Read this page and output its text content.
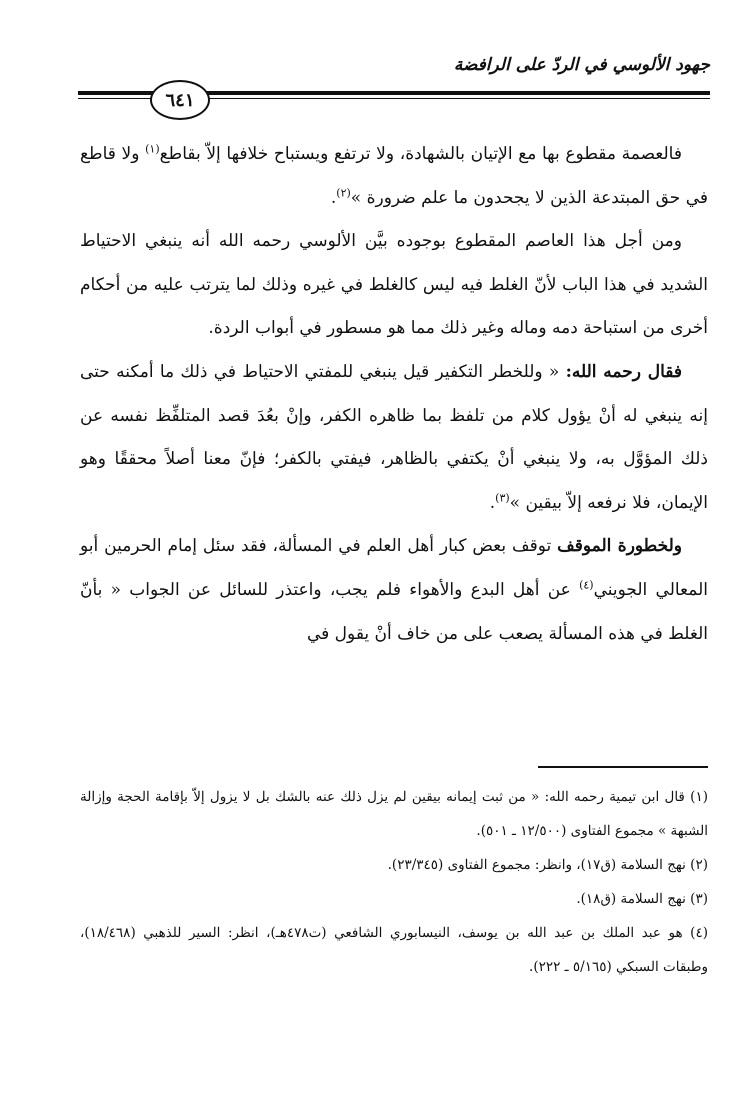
جهود الألوسي في الردّ على الرافضة
٦٤١

فالعصمة مقطوع بها مع الإتيان بالشهادة، ولا ترتفع ويستباح خلافها إلاّ بقاطع$^{(١)}$ ولا قاطع في حق المبتدعة الذين لا يجحدون ما علم ضرورة »$^{(٢)}$.

ومن أجل هذا العاصم المقطوع بوجوده بيَّن الألوسي رحمه الله أنه ينبغي الاحتياط الشديد في هذا الباب لأنّ الغلط فيه ليس كالغلط في غيره وذلك لما يترتب عليه من أحكام أخرى من استباحة دمه وماله وغير ذلك مما هو مسطور في أبواب الردة.

فقال رحمه الله: « وللخطر التكفير قيل ينبغي للمفتي الاحتياط في ذلك ما أمكنه حتى إنه ينبغي له أنْ يؤول كلام من تلفظ بما ظاهره الكفر، وإنْ بعُدَ قصد المتلفِّظ نفسه عن ذلك المؤوَّل به، ولا ينبغي أنْ يكتفي بالظاهر، فيفتي بالكفر؛ فإنّ معنا أصلاً محققًا وهو الإيمان، فلا نرفعه إلاّ بيقين »$^{(٣)}$.

ولخطورة الموقف توقف بعض كبار أهل العلم في المسألة، فقد سئل إمام الحرمين أبو المعالي الجويني$^{(٤)}$ عن أهل البدع والأهواء فلم يجب، واعتذر للسائل عن الجواب « بأنّ الغلط في هذه المسألة يصعب على من خاف أنْ يقول في

(١) قال ابن تيمية رحمه الله: « من ثبت إيمانه بيقين لم يزل ذلك عنه بالشك بل لا يزول إلاّ بإقامة الحجة وإزالة الشبهة » مجموع الفتاوى (١٢/٥٠٠ ـ ٥٠١).

(٢) نهج السلامة (ق١٧)، وانظر: مجموع الفتاوى (٢٣/٣٤٥).

(٣) نهج السلامة (ق١٨).

(٤) هو عبد الملك بن عبد الله بن يوسف، النيسابوري الشافعي (ت٤٧٨هـ)، انظر: السير للذهبي (١٨/٤٦٨)، وطبقات السبكي (٥/١٦٥ ـ ٢٢٢).
